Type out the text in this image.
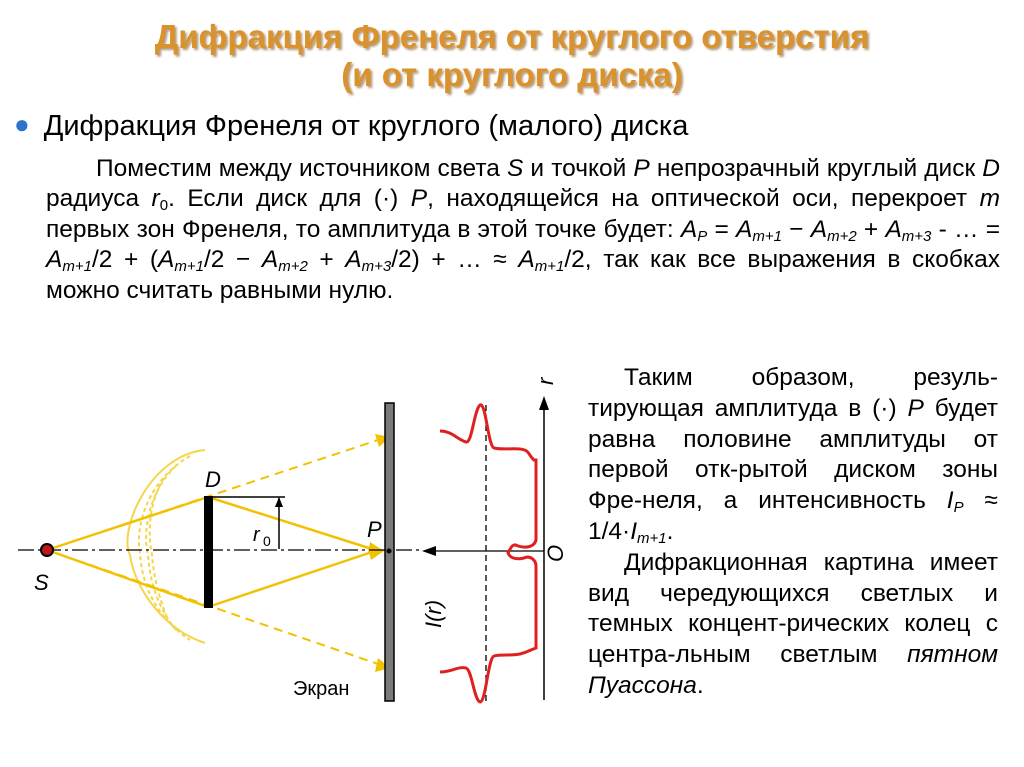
Дифракция Френеля от круглого отверстия
(и от круглого диска)
● Дифракция Френеля от круглого (малого) диска
Поместим между источником света S и точкой P непрозрачный круглый диск D радиуса $r_0$. Если диск для (·) P, находящейся на оптической оси, перекроет m первых зон Френеля, то амплитуда в этой точке будет: $A_P = A_{m+1} - A_{m+2} + A_{m+3}$ - … = $A_{m+1}/2 + (A_{m+1}/2 - A_{m+2} + A_{m+3}/2)$ + … ≈ $A_{m+1}/2$, так как все выражения в скобках можно считать равными нулю.
S
D
r 0	P
Экран
I(r)
O
r	Таким образом, резуль-тирующая амплитуда в (·) P будет равна половине амплитуды от первой отк-рытой диском зоны Фре-неля, а интенсивность $I_P \approx 1/4\cdot I_{m+1}$.

Дифракционная картина имеет вид чередующихся светлых и темных концент-рических колец с центра-льным светлым пятном Пуассона.
